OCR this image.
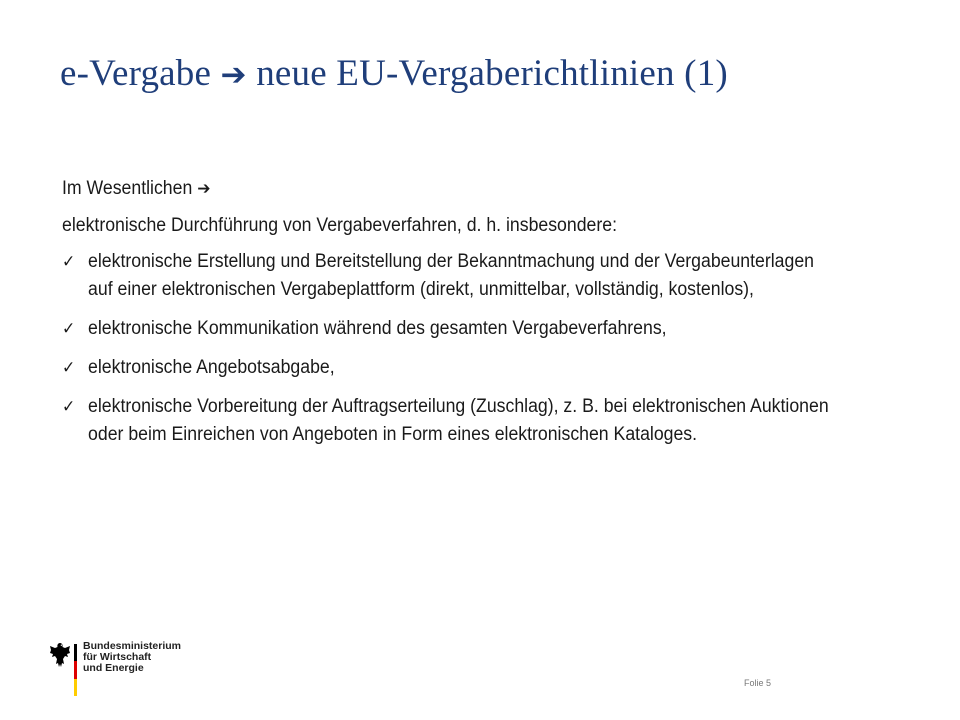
e-Vergabe ➔ neue EU-Vergaberichtlinien (1)

Im Wesentlichen ➔

elektronische Durchführung von Vergabeverfahren, d. h. insbesondere:

✓ elektronische Erstellung und Bereitstellung der Bekanntmachung und der Vergabeunterlagen auf einer elektronischen Vergabeplattform (direkt, unmittelbar, vollständig, kostenlos),
✓ elektronische Kommunikation während des gesamten Vergabeverfahrens,
✓ elektronische Angebotsabgabe,
✓ elektronische Vorbereitung der Auftragserteilung (Zuschlag), z. B. bei elektronischen Auktionen oder beim Einreichen von Angeboten in Form eines elektronischen Kataloges.
Bundesministerium
für Wirtschaft
und Energie
Folie 5
